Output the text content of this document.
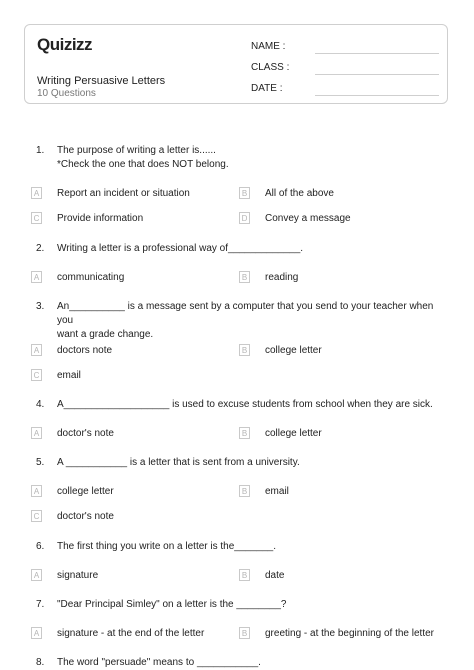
Quizizz
Writing Persuasive Letters
10 Questions
NAME :
CLASS :
DATE :
1.	The purpose of writing a letter is......
*Check the one that does NOT belong.
A Report an incident or situation	B All of the above
C Provide information	D Convey a message
2.	Writing a letter is a professional way of_____________.
A communicating	B reading
3.	An__________ is a message sent by a computer that you send to your teacher when you
want a grade change.
A doctors note	B college letter
C email
4.	A___________________ is used to excuse students from school when they are sick.
A doctor's note	B college letter
5.	A ___________ is a letter that is sent from a university.
A college letter	B email
C doctor's note
6.	The first thing you write on a letter is the_______.
A signature	B date
7.	"Dear Principal Simley" on a letter is the ________?
A signature - at the end of the letter	B greeting - at the beginning of the letter
8.	The word "persuade" means to ___________.
